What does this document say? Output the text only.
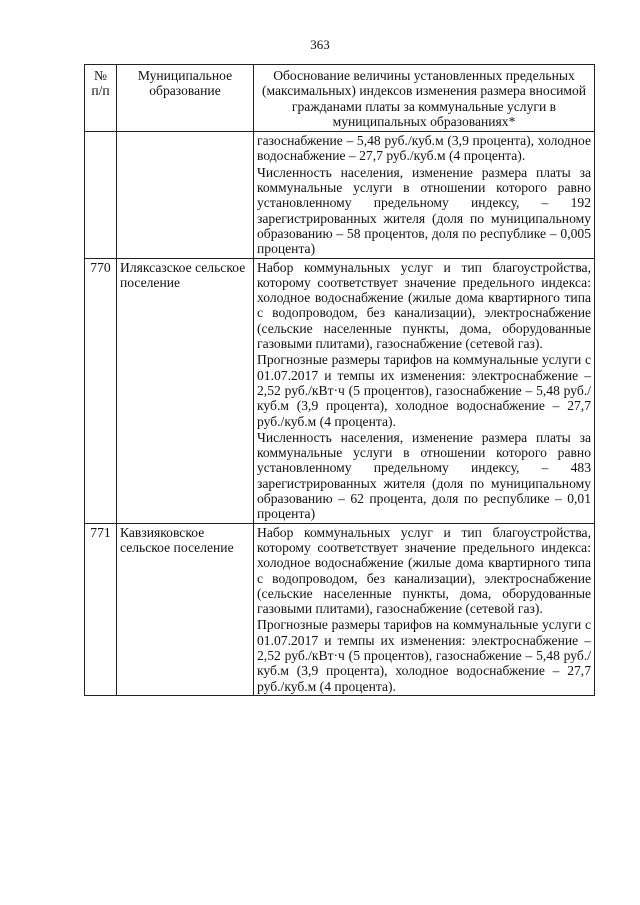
363
№ п/п	Муниципальное образование	Обоснование величины установленных предельных (максимальных) индексов изменения размера вносимой гражданами платы за коммунальные услуги в муниципальных образованиях*

		газоснабжение – 5,48 руб./куб.м (3,9 процента), холодное водоснабжение – 27,7 руб./куб.м (4 процента).

Численность населения, изменение размера платы за коммунальные услуги в отношении которого равно установленному предельному индексу, – 192 зарегистрированных жителя (доля по муниципальному образованию – 58 процентов, доля по республике – 0,005 процента)

770	Иляксазское сельское поселение	Набор коммунальных услуг и тип благоустройства, которому соответствует значение предельного индекса: холодное водоснабжение (жилые дома квартирного типа с водопроводом, без канализации), электроснабжение (сельские населенные пункты, дома, оборудованные газовыми плитами), газоснабжение (сетевой газ).

Прогнозные размеры тарифов на коммунальные услуги с 01.07.2017 и темпы их изменения: электроснабжение – 2,52 руб./кВт·ч (5 процентов), газоснабжение – 5,48 руб./куб.м (3,9 процента), холодное водоснабжение – 27,7 руб./куб.м (4 процента).

Численность населения, изменение размера платы за коммунальные услуги в отношении которого равно установленному предельному индексу, – 483 зарегистрированных жителя (доля по муниципальному образованию – 62 процента, доля по республике – 0,01 процента)

771	Кавзияковское сельское поселение	Набор коммунальных услуг и тип благоустройства, которому соответствует значение предельного индекса: холодное водоснабжение (жилые дома квартирного типа с водопроводом, без канализации), электроснабжение (сельские населенные пункты, дома, оборудованные газовыми плитами), газоснабжение (сетевой газ).

Прогнозные размеры тарифов на коммунальные услуги с 01.07.2017 и темпы их изменения: электроснабжение – 2,52 руб./кВт·ч (5 процентов), газоснабжение – 5,48 руб./куб.м (3,9 процента), холодное водоснабжение – 27,7 руб./куб.м (4 процента).
